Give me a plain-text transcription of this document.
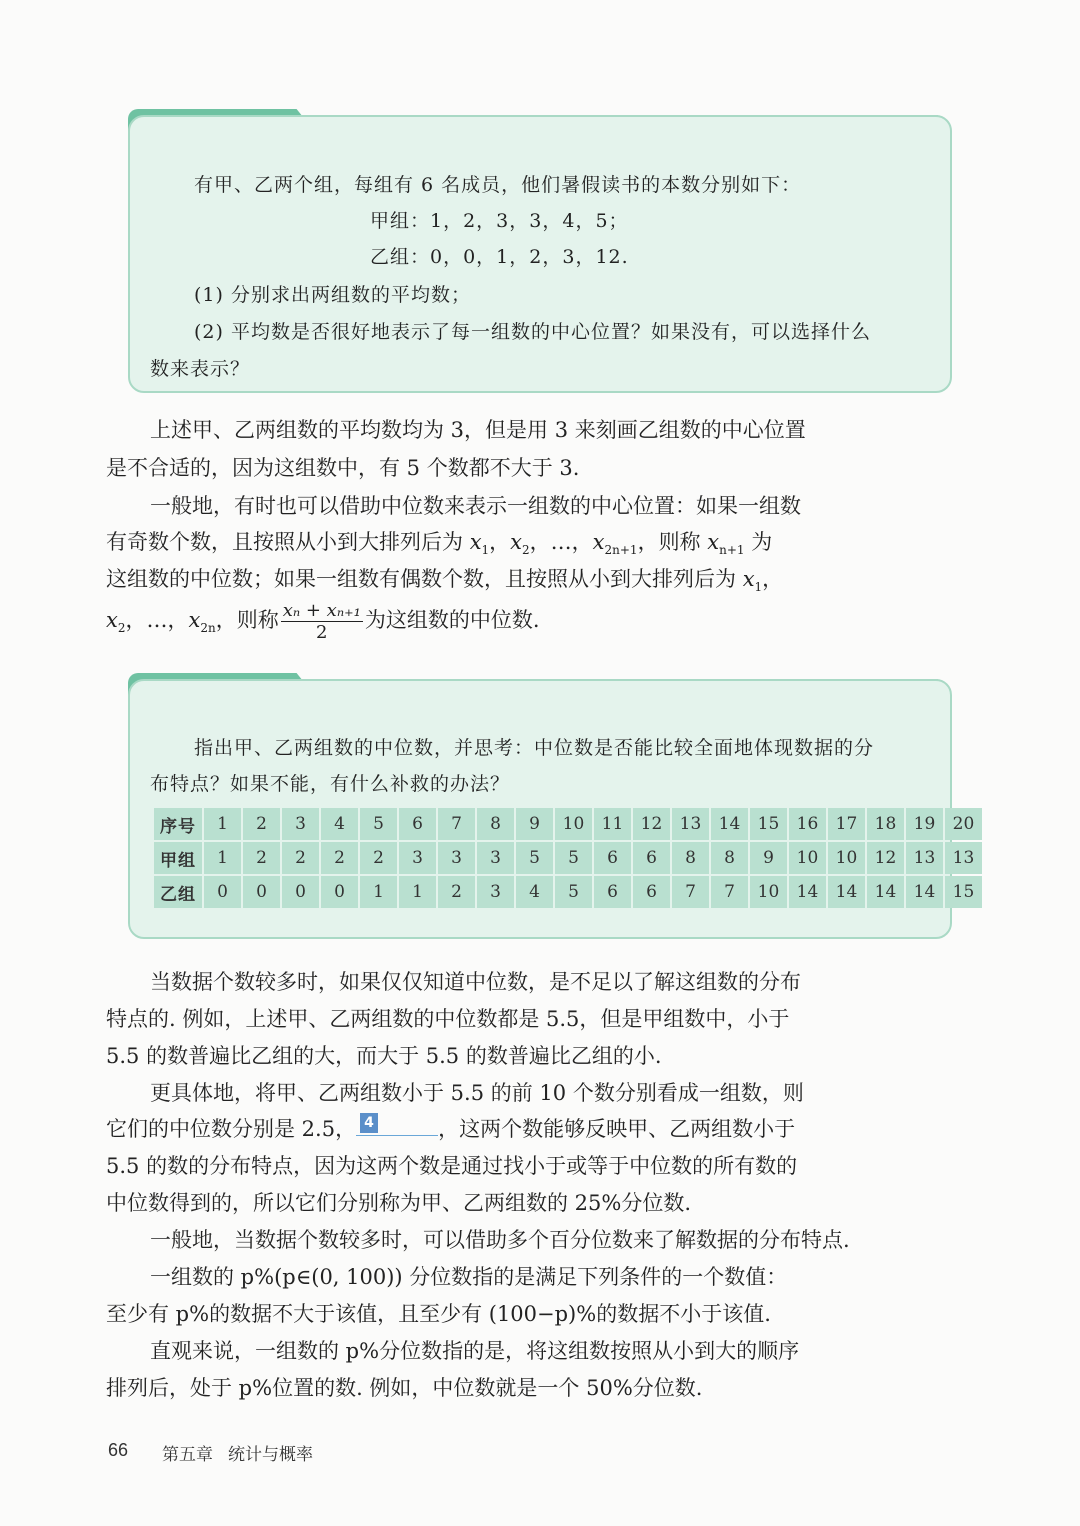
有甲、乙两个组，每组有 6 名成员，他们暑假读书的本数分别如下：
甲组：1，2，3，3，4，5；
乙组：0，0，1，2，3，12.
(1) 分别求出两组数的平均数；
(2) 平均数是否很好地表示了每一组数的中心位置？如果没有，可以选择什么
数来表示？
上述甲、乙两组数的平均数均为 3，但是用 3 来刻画乙组数的中心位置
是不合适的，因为这组数中，有 5 个数都不大于 3.
一般地，有时也可以借助中位数来表示一组数的中心位置：如果一组数
有奇数个数，且按照从小到大排列后为 $x_1$，$x_2$，…，$x_{2n+1}$，则称 $x_{n+1}$ 为
这组数的中位数；如果一组数有偶数个数，且按照从小到大排列后为 $x_1$，
$x_2$，…，$x_{2n}$，则称 $\frac{\text{xₙ + xₙ₊₁}}{2}$ 为这组数的中位数.
指出甲、乙两组数的中位数，并思考：中位数是否能比较全面地体现数据的分
布特点？如果不能，有什么补救的办法？
序号	1	2	3	4	5	6	7	8	9	10	11	12	13	14	15	16	17	18	19	20
甲组	1	2	2	2	2	3	3	3	5	5	6	6	8	8	9	10	10	12	13	13
乙组	0	0	0	0	1	1	2	3	4	5	6	6	7	7	10	14	14	14	14	15
当数据个数较多时，如果仅仅知道中位数，是不足以了解这组数的分布
特点的. 例如，上述甲、乙两组数的中位数都是 5.5，但是甲组数中，小于
5.5 的数普遍比乙组的大，而大于 5.5 的数普遍比乙组的小.
更具体地，将甲、乙两组数小于 5.5 的前 10 个数分别看成一组数，则
它们的中位数分别是 2.5， 4	，这两个数能够反映甲、乙两组数小于
5.5 的数的分布特点，因为这两个数是通过找小于或等于中位数的所有数的
中位数得到的，所以它们分别称为甲、乙两组数的 25%分位数.
一般地，当数据个数较多时，可以借助多个百分位数来了解数据的分布特点.
一组数的 p%(p∈(0, 100)) 分位数指的是满足下列条件的一个数值：
至少有 p%的数据不大于该值，且至少有 (100−p)%的数据不小于该值.
直观来说，一组数的 p%分位数指的是，将这组数按照从小到大的顺序
排列后，处于 p%位置的数. 例如，中位数就是一个 50%分位数.
66 第五章 统计与概率
